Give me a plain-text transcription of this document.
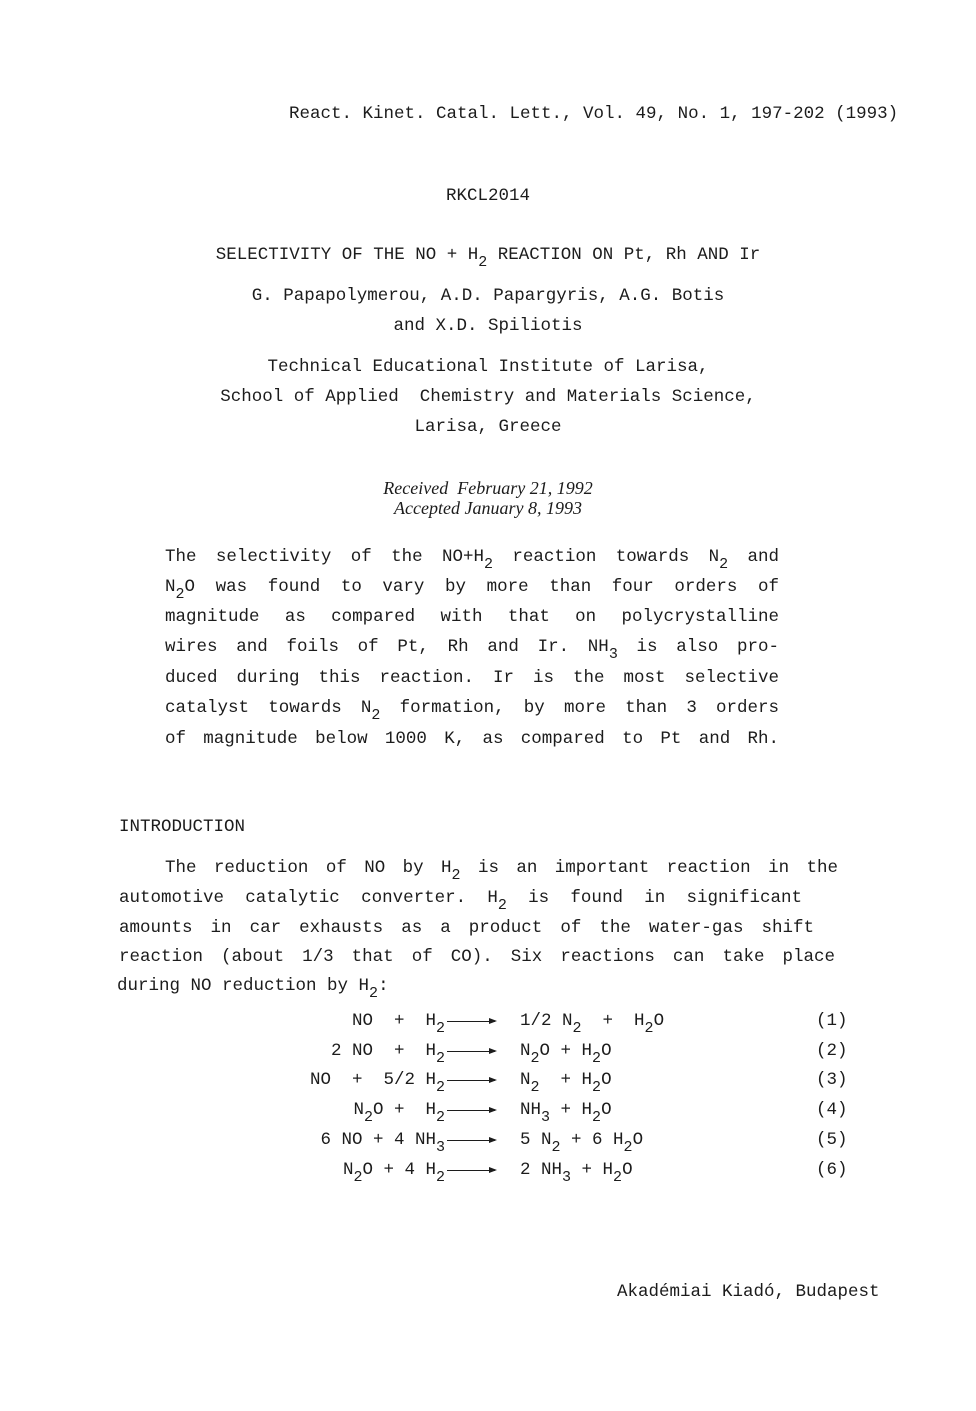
React. Kinet. Catal. Lett., Vol. 49, No. 1, 197-202 (1993)
RKCL2014
SELECTIVITY OF THE NO + $H_2$ REACTION ON Pt, Rh AND Ir
G. Papapolymerou, A.D. Papargyris, A.G. Botis
and X.D. Spiliotis
Technical Educational Institute of Larisa,
School of Applied  Chemistry and Materials Science,
Larisa, Greece
Received  February 21, 1992
Accepted January 8, 1993
The selectivity of the $NO+H_2$ reaction towards $N_2$ and
$N_2O$ was found to vary by more than four orders of
magnitude as compared with that on polycrystalline
wires and foils of Pt, Rh and Ir. $NH_3$ is also pro-
duced during this reaction. Ir is the most selective
catalyst towards $N_2$ formation, by more than 3 orders
of magnitude below 1000 K, as compared to Pt and Rh.
INTRODUCTION
The reduction of NO by $H_2$ is an important reaction in the
automotive catalytic converter. $H_2$ is found in significant
amounts in car exhausts as a product of the water-gas shift
reaction (about 1/3 that of CO). Six reactions can take place
during NO reduction by $H_2$:
NO  +  $H_2$	1/2 $N_2 + H_2O$	(1)
2 NO  +  $H_2$	$N_2O + H_2O$	(2)
NO  +  5/2 $H_2$	$N_2 + H_2O$	(3)
$N_2O + H_2$	$NH_3 + H_2O$	(4)
6 NO + 4 $NH_3$	5 $N_2 + 6$ $H_2O$	(5)
$N_2O + 4$ $H_2$	2 $NH_3 + H_2O$	(6)
Akadémiai Kiadó, Budapest
